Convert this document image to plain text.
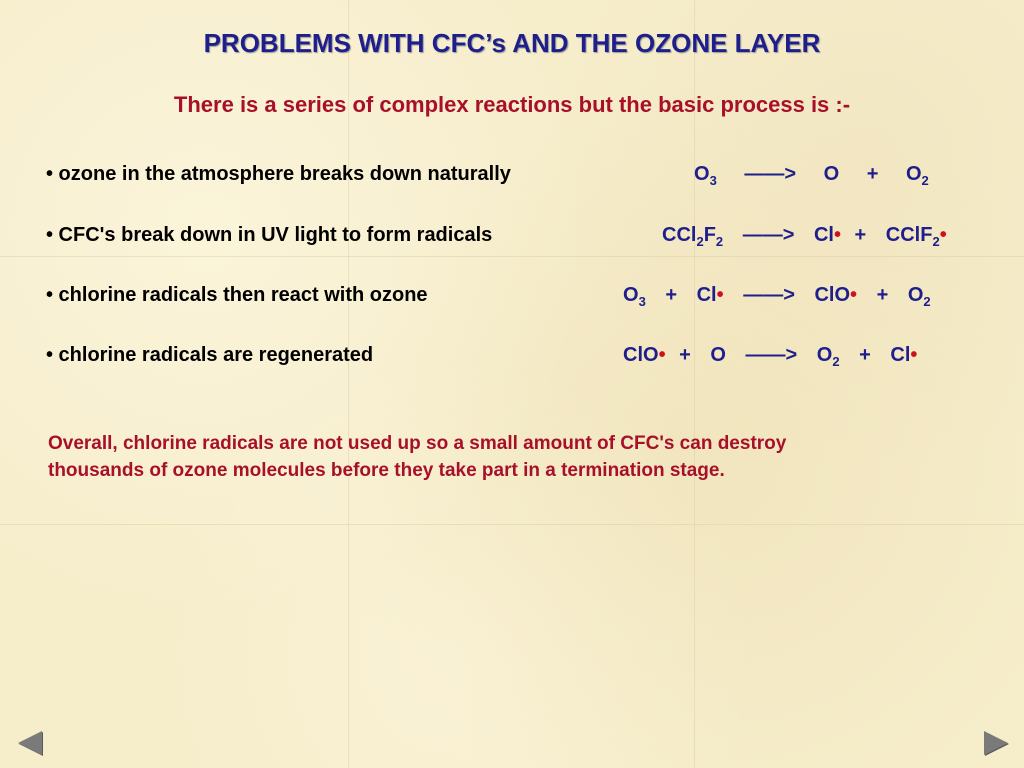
PROBLEMS WITH CFC’s AND THE OZONE LAYER
There is a series of complex reactions but the basic process is :-
• ozone in the atmosphere breaks down naturally	$O_3$ ——> $O + O_2$
• CFC's break down in UV light to form radicals	$CCl_2F_2$ ——> Cl• + CClF$_2$•
• chlorine radicals then react with ozone	$O_3$ + Cl• ——> ClO• + $O_2$
• chlorine radicals are regenerated	ClO• + O ——> $O_2$ + Cl•
Overall, chlorine radicals are not used up so a small amount of CFC's can destroy
thousands of ozone molecules before they take part in a termination stage.
